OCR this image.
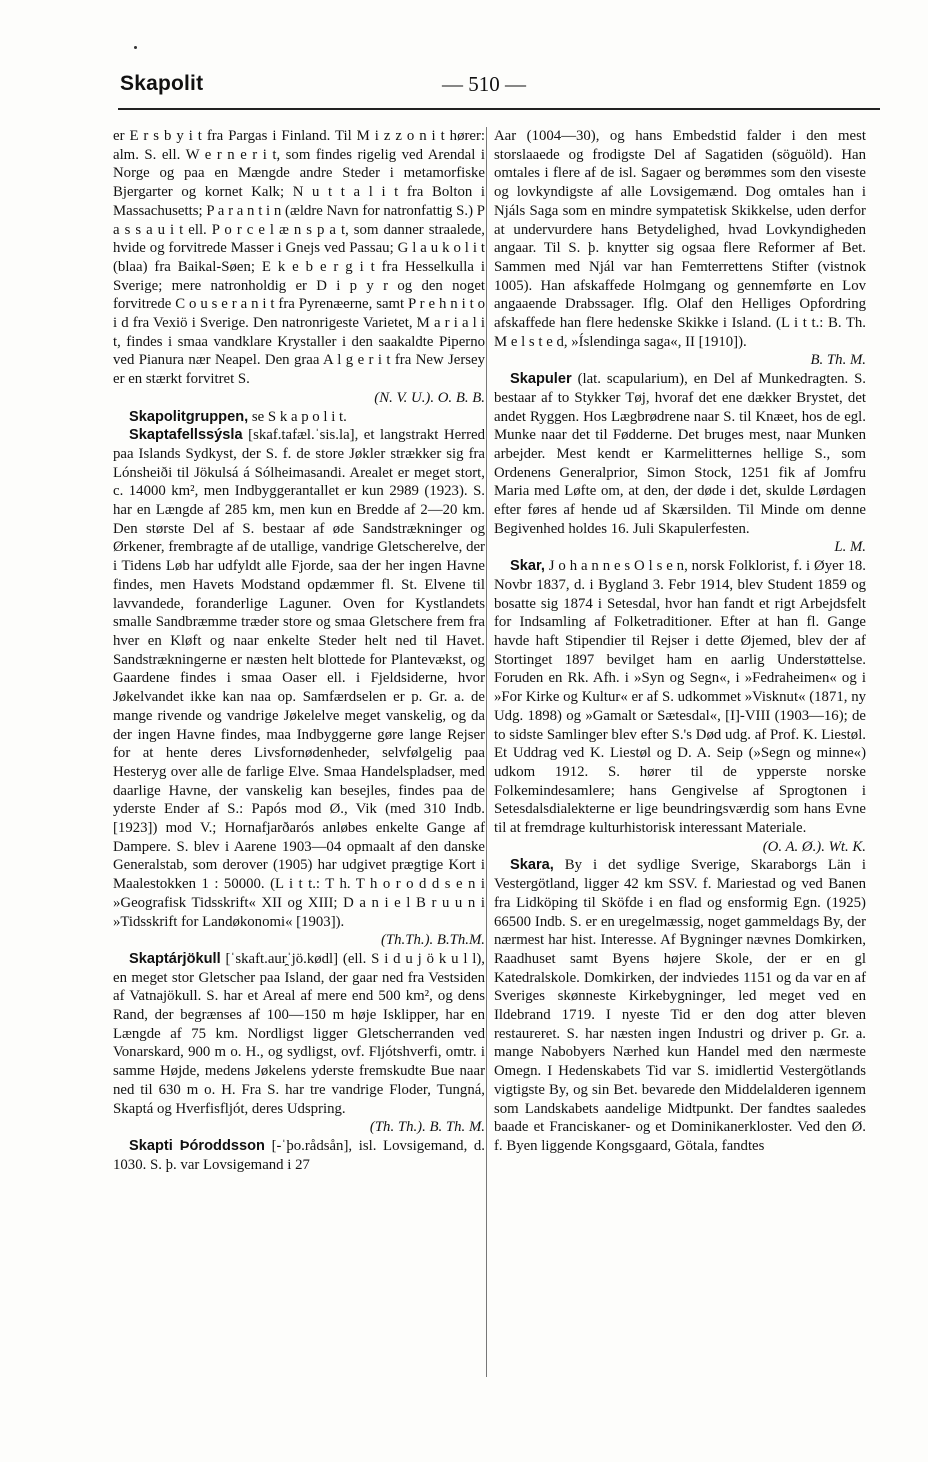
Skapolit	— 510 —

er E r s b y i t fra Pargas i Finland. Til M i z z o n i t hører: alm. S. ell. W e r n e r i t, som findes rigelig ved Arendal i Norge og paa en Mængde andre Steder i metamorfiske Bjergarter og kornet Kalk; N u t t a l i t fra Bolton i Massachusetts; P a r a n t i n (ældre Navn for natronfattig S.) P a s s a u i t ell. P o r c e l æ n s p a t, som danner straalede, hvide og forvitrede Masser i Gnejs ved Passau; G l a u k o l i t (blaa) fra Baikal-Søen; E k e b e r g i t fra Hesselkulla i Sverige; mere natronholdig er D i p y r og den noget forvitrede C o u s e r a n i t fra Pyrenæerne, samt P r e h n i t o i d fra Vexiö i Sverige. Den natronrigeste Varietet, M a r i a l i t, findes i smaa vandklare Krystaller i den saakaldte Piperno ved Pianura nær Neapel. Den graa A l g e r i t fra New Jersey er en stærkt forvitret S.
(N. V. U.). O. B. B.

Skapolitgruppen, se S k a p o l i t.

Skaptafellssýsla [skaf.tafæl.ˈsis.la], et langstrakt Herred paa Islands Sydkyst, der S. f. de store Jøkler strækker sig fra Lónsheiði til Jökulsá á Sólheimasandi. Arealet er meget stort, c. 14000 km², men Indbyggerantallet er kun 2989 (1923). S. har en Længde af 285 km, men kun en Bredde af 2—20 km. Den største Del af S. bestaar af øde Sandstrækninger og Ørkener, frembragte af de utallige, vandrige Gletscherelve, der i Tidens Løb har udfyldt alle Fjorde, saa der her ingen Havne findes, men Havets Modstand opdæmmer fl. St. Elvene til lavvandede, foranderlige Laguner. Oven for Kystlandets smalle Sandbræmme træder store og smaa Gletschere frem fra hver en Kløft og naar enkelte Steder helt ned til Havet. Sandstrækningerne er næsten helt blottede for Plantevækst, og Gaardene findes i smaa Oaser ell. i Fjeldsiderne, hvor Jøkelvandet ikke kan naa op. Samfærdselen er p. Gr. a. de mange rivende og vandrige Jøkelelve meget vanskelig, og da der ingen Havne findes, maa Indbyggerne gøre lange Rejser for at hente deres Livsfornødenheder, selvfølgelig paa Hesteryg over alle de farlige Elve. Smaa Handelspladser, med daarlige Havne, der vanskelig kan besejles, findes paa de yderste Ender af S.: Papós mod Ø., Vik (med 310 Indb. [1923]) mod V.; Hornafjarðarós anløbes enkelte Gange af Dampere. S. blev i Aarene 1903—04 opmaalt af den danske Generalstab, som derover (1905) har udgivet prægtige Kort i Maalestokken 1 : 50000. (L i t t.: T h. T h o r o d d s e n i »Geografisk Tidsskrift« XII og XIII; D a n i e l B r u u n i »Tidsskrift for Landøkonomi« [1903]).
(Th.Th.). B.Th.M.

Skaptárjökull [ˈskaft.aur̯ˈjö.kødl] (ell. S i d u j ö k u l l), en meget stor Gletscher paa Island, der gaar ned fra Vestsiden af Vatnajökull. S. har et Areal af mere end 500 km², og dens Rand, der begrænses af 100—150 m høje Isklipper, har en Længde af 75 km. Nordligst ligger Gletscherranden ved Vonarskard, 900 m o. H., og sydligst, ovf. Fljótshverfi, omtr. i samme Højde, medens Jøkelens yderste fremskudte Bue naar ned til 630 m o. H. Fra S. har tre vandrige Floder, Tungná, Skaptá og Hverfisfljót, deres Udspring.
(Th. Th.). B. Th. M.

Skapti Þóroddsson [-ˈþo.rådsån], isl. Lovsigemand, d. 1030. S. þ. var Lovsigemand i 27

Aar (1004—30), og hans Embedstid falder i den mest storslaaede og frodigste Del af Sagatiden (söguöld). Han omtales i flere af de isl. Sagaer og berømmes som den viseste og lovkyndigste af alle Lovsigemænd. Dog omtales han i Njáls Saga som en mindre sympatetisk Skikkelse, uden derfor at undervurdere hans Betydelighed, hvad Lovkyndigheden angaar. Til S. þ. knytter sig ogsaa flere Reformer af Bet. Sammen med Njál var han Femterrettens Stifter (vistnok 1005). Han afskaffede Holmgang og gennemførte en Lov angaaende Drabssager. Iflg. Olaf den Helliges Opfordring afskaffede han flere hedenske Skikke i Island. (L i t t.: B. Th. M e l s t e d, »Íslendinga saga«, II [1910]).
B. Th. M.

Skapuler (lat. scapularium), en Del af Munkedragten. S. bestaar af to Stykker Tøj, hvoraf det ene dækker Brystet, det andet Ryggen. Hos Lægbrødrene naar S. til Knæet, hos de egl. Munke naar det til Fødderne. Det bruges mest, naar Munken arbejder. Mest kendt er Karmelitternes hellige S., som Ordenens Generalprior, Simon Stock, 1251 fik af Jomfru Maria med Løfte om, at den, der døde i det, skulde Lørdagen efter føres af hende ud af Skærsilden. Til Minde om denne Begivenhed holdes 16. Juli Skapulerfesten.
L. M.

Skar, J o h a n n e s O l s e n, norsk Folklorist, f. i Øyer 18. Novbr 1837, d. i Bygland 3. Febr 1914, blev Student 1859 og bosatte sig 1874 i Setesdal, hvor han fandt et rigt Arbejdsfelt for Indsamling af Folketraditioner. Efter at han fl. Gange havde haft Stipendier til Rejser i dette Øjemed, blev der af Stortinget 1897 bevilget ham en aarlig Understøttelse. Foruden en Rk. Afh. i »Syn og Segn«, i »Fedraheimen« og i »For Kirke og Kultur« er af S. udkommet »Visknut« (1871, ny Udg. 1898) og »Gamalt or Sætesdal«, [I]-VIII (1903—16); de to sidste Samlinger blev efter S.'s Død udg. af Prof. K. Liestøl. Et Uddrag ved K. Liestøl og D. A. Seip (»Segn og minne«) udkom 1912. S. hører til de ypperste norske Folkemindesamlere; hans Gengivelse af Sprogtonen i Setesdalsdialekterne er lige beundringsværdig som hans Evne til at fremdrage kulturhistorisk interessant Materiale.
(O. A. Ø.). Wt. K.

Skara, By i det sydlige Sverige, Skaraborgs Län i Vestergötland, ligger 42 km SSV. f. Mariestad og ved Banen fra Lidköping til Sköfde i en flad og ensformig Egn. (1925) 66500 Indb. S. er en uregelmæssig, noget gammeldags By, der nærmest har hist. Interesse. Af Bygninger nævnes Domkirken, Raadhuset samt Byens højere Skole, der er en gl Katedralskole. Domkirken, der indviedes 1151 og da var en af Sveriges skønneste Kirkebygninger, led meget ved en Ildebrand 1719. I nyeste Tid er den dog atter bleven restaureret. S. har næsten ingen Industri og driver p. Gr. a. mange Nabobyers Nærhed kun Handel med den nærmeste Omegn. I Hedenskabets Tid var S. imidlertid Vestergötlands vigtigste By, og sin Bet. bevarede den Middelalderen igennem som Landskabets aandelige Midtpunkt. Der fandtes saaledes baade et Franciskaner- og et Dominikanerkloster. Ved den Ø. f. Byen liggende Kongsgaard, Götala, fandtes
